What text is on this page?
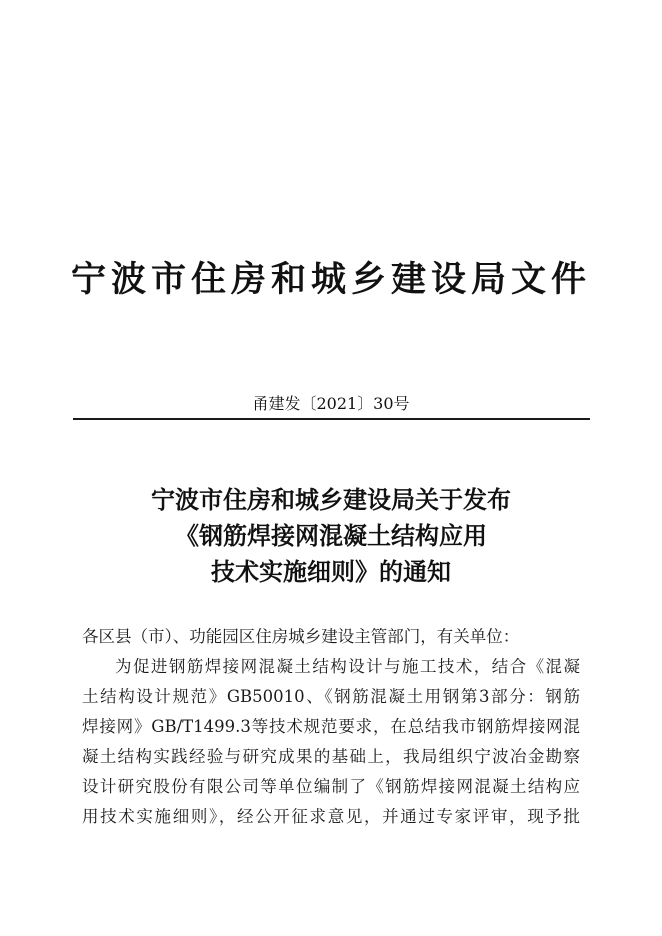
宁波市住房和城乡建设局文件
甬建发〔2021〕30号
宁波市住房和城乡建设局关于发布
《钢筋焊接网混凝土结构应用
技术实施细则》的通知
各区县（市）、功能园区住房城乡建设主管部门，有关单位：
为促进钢筋焊接网混凝土结构设计与施工技术，结合《混凝
土结构设计规范》GB50010、《钢筋混凝土用钢第3部分：钢筋
焊接网》GB/T1499.3等技术规范要求，在总结我市钢筋焊接网混
凝土结构实践经验与研究成果的基础上，我局组织宁波冶金勘察
设计研究股份有限公司等单位编制了《钢筋焊接网混凝土结构应
用技术实施细则》，经公开征求意见，并通过专家评审，现予批
